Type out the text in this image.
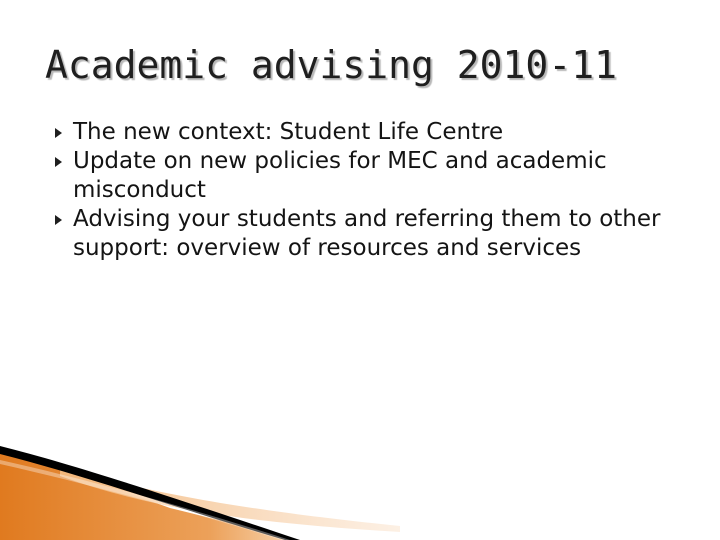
Academic advising 2010-11
The new context: Student Life Centre
Update on new policies for MEC and academic misconduct
Advising your students and referring them to other support: overview of resources and services
